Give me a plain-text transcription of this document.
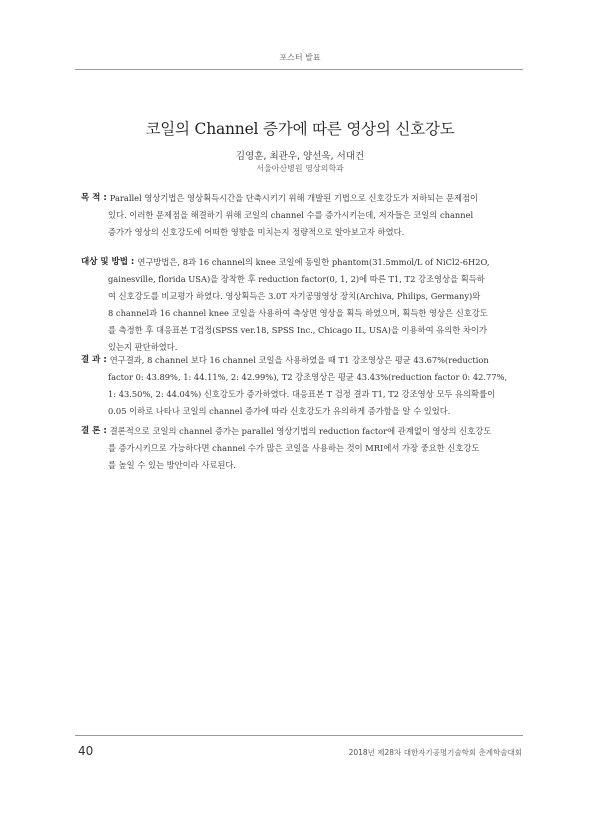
포스터 발표
코일의 Channel 증가에 따른 영상의 신호강도
김영훈, 최관우, 양선욱, 서대건
서울아산병원 영상의학과
목 적 : Parallel 영상기법은 영상획득시간을 단축시키기 위해 개발된 기법으로 신호강도가 저하되는 문제점이
있다. 이러한 문제점을 해결하기 위해 코일의 channel 수를 증가시키는데, 저자들은 코일의 channel
증가가 영상의 신호강도에 어떠한 영향을 미치는지 정량적으로 알아보고자 하였다.
대상 및 방법 : 연구방법은, 8과 16 channel의 knee 코일에 동일한 phantom(31.5mmol/L of NiCl2-6H2O,
gainesville, florida USA)을 장착한 후 reduction factor(0, 1, 2)에 따른 T1, T2 강조영상을 획득하
여 신호강도를 비교평가 하였다. 영상획득은 3.0T 자기공명영상 장치(Archiva, Philips, Germany)와
8 channel과 16 channel knee 코일을 사용하여 축상면 영상을 획득 하였으며, 획득한 영상은 신호강도
를 측정한 후 대응표본 T검정(SPSS ver.18, SPSS Inc., Chicago IL, USA)을 이용하여 유의한 차이가
있는지 판단하였다.
결 과 : 연구결과, 8 channel 보다 16 channel 코일을 사용하였을 때 T1 강조영상은 평균 43.67%(reduction
factor 0: 43.89%, 1: 44.11%, 2: 42.99%), T2 강조영상은 평균 43.43%(reduction factor 0: 42.77%,
1: 43.50%, 2: 44.04%) 신호강도가 증가하였다. 대응표본 T 검정 결과 T1, T2 강조영상 모두 유의확률이
0.05 이하로 나타나 코일의 channel 증가에 따라 신호강도가 유의하게 증가함을 알 수 있었다.
결 론 : 결론적으로 코일의 channel 증가는 parallel 영상기법의 reduction factor에 관계없이 영상의 신호강도
를 증가시키므로 가능하다면 channel 수가 많은 코일을 사용하는 것이 MRI에서 가장 중요한 신호강도
를 높일 수 있는 방안이라 사료된다.
40	2018년 제28차 대한자기공명기술학회 춘계학술대회
